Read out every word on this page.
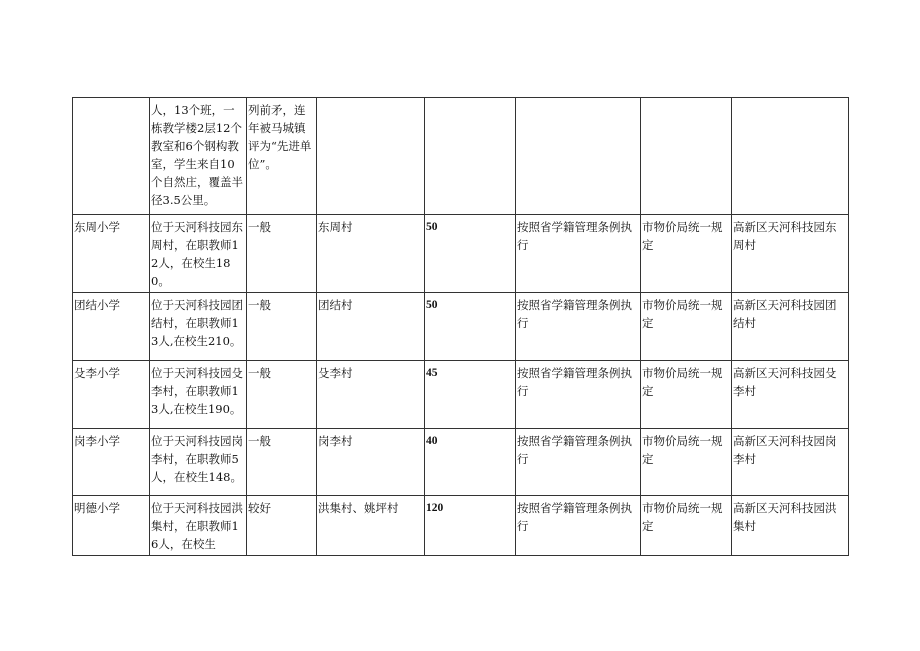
	人，13个班，一栋教学楼2层12个教室和6个钢构教室，学生来自10个自然庄，覆盖半径3.5公里。	列前矛，连年被马城镇评为“先进单位”。					
东周小学	位于天河科技园东周村，在职教师12人，在校生180。	一般	东周村	50	按照省学籍管理条例执行	市物价局统一规定	高新区天河科技园东周村
团结小学	位于天河科技园团结村，在职教师13人,在校生210。	一般	团结村	50	按照省学籍管理条例执行	市物价局统一规定	高新区天河科技园团结村
殳李小学	位于天河科技园殳李村，在职教师13人,在校生190。	一般	殳李村	45	按照省学籍管理条例执行	市物价局统一规定	高新区天河科技园殳李村
岗李小学	位于天河科技园岗李村，在职教师5人，在校生148。	一般	岗李村	40	按照省学籍管理条例执行	市物价局统一规定	高新区天河科技园岗李村
明德小学	位于天河科技园洪集村，在职教师16人，在校生	较好	洪集村、姚坪村	120	按照省学籍管理条例执行	市物价局统一规定	高新区天河科技园洪集村
